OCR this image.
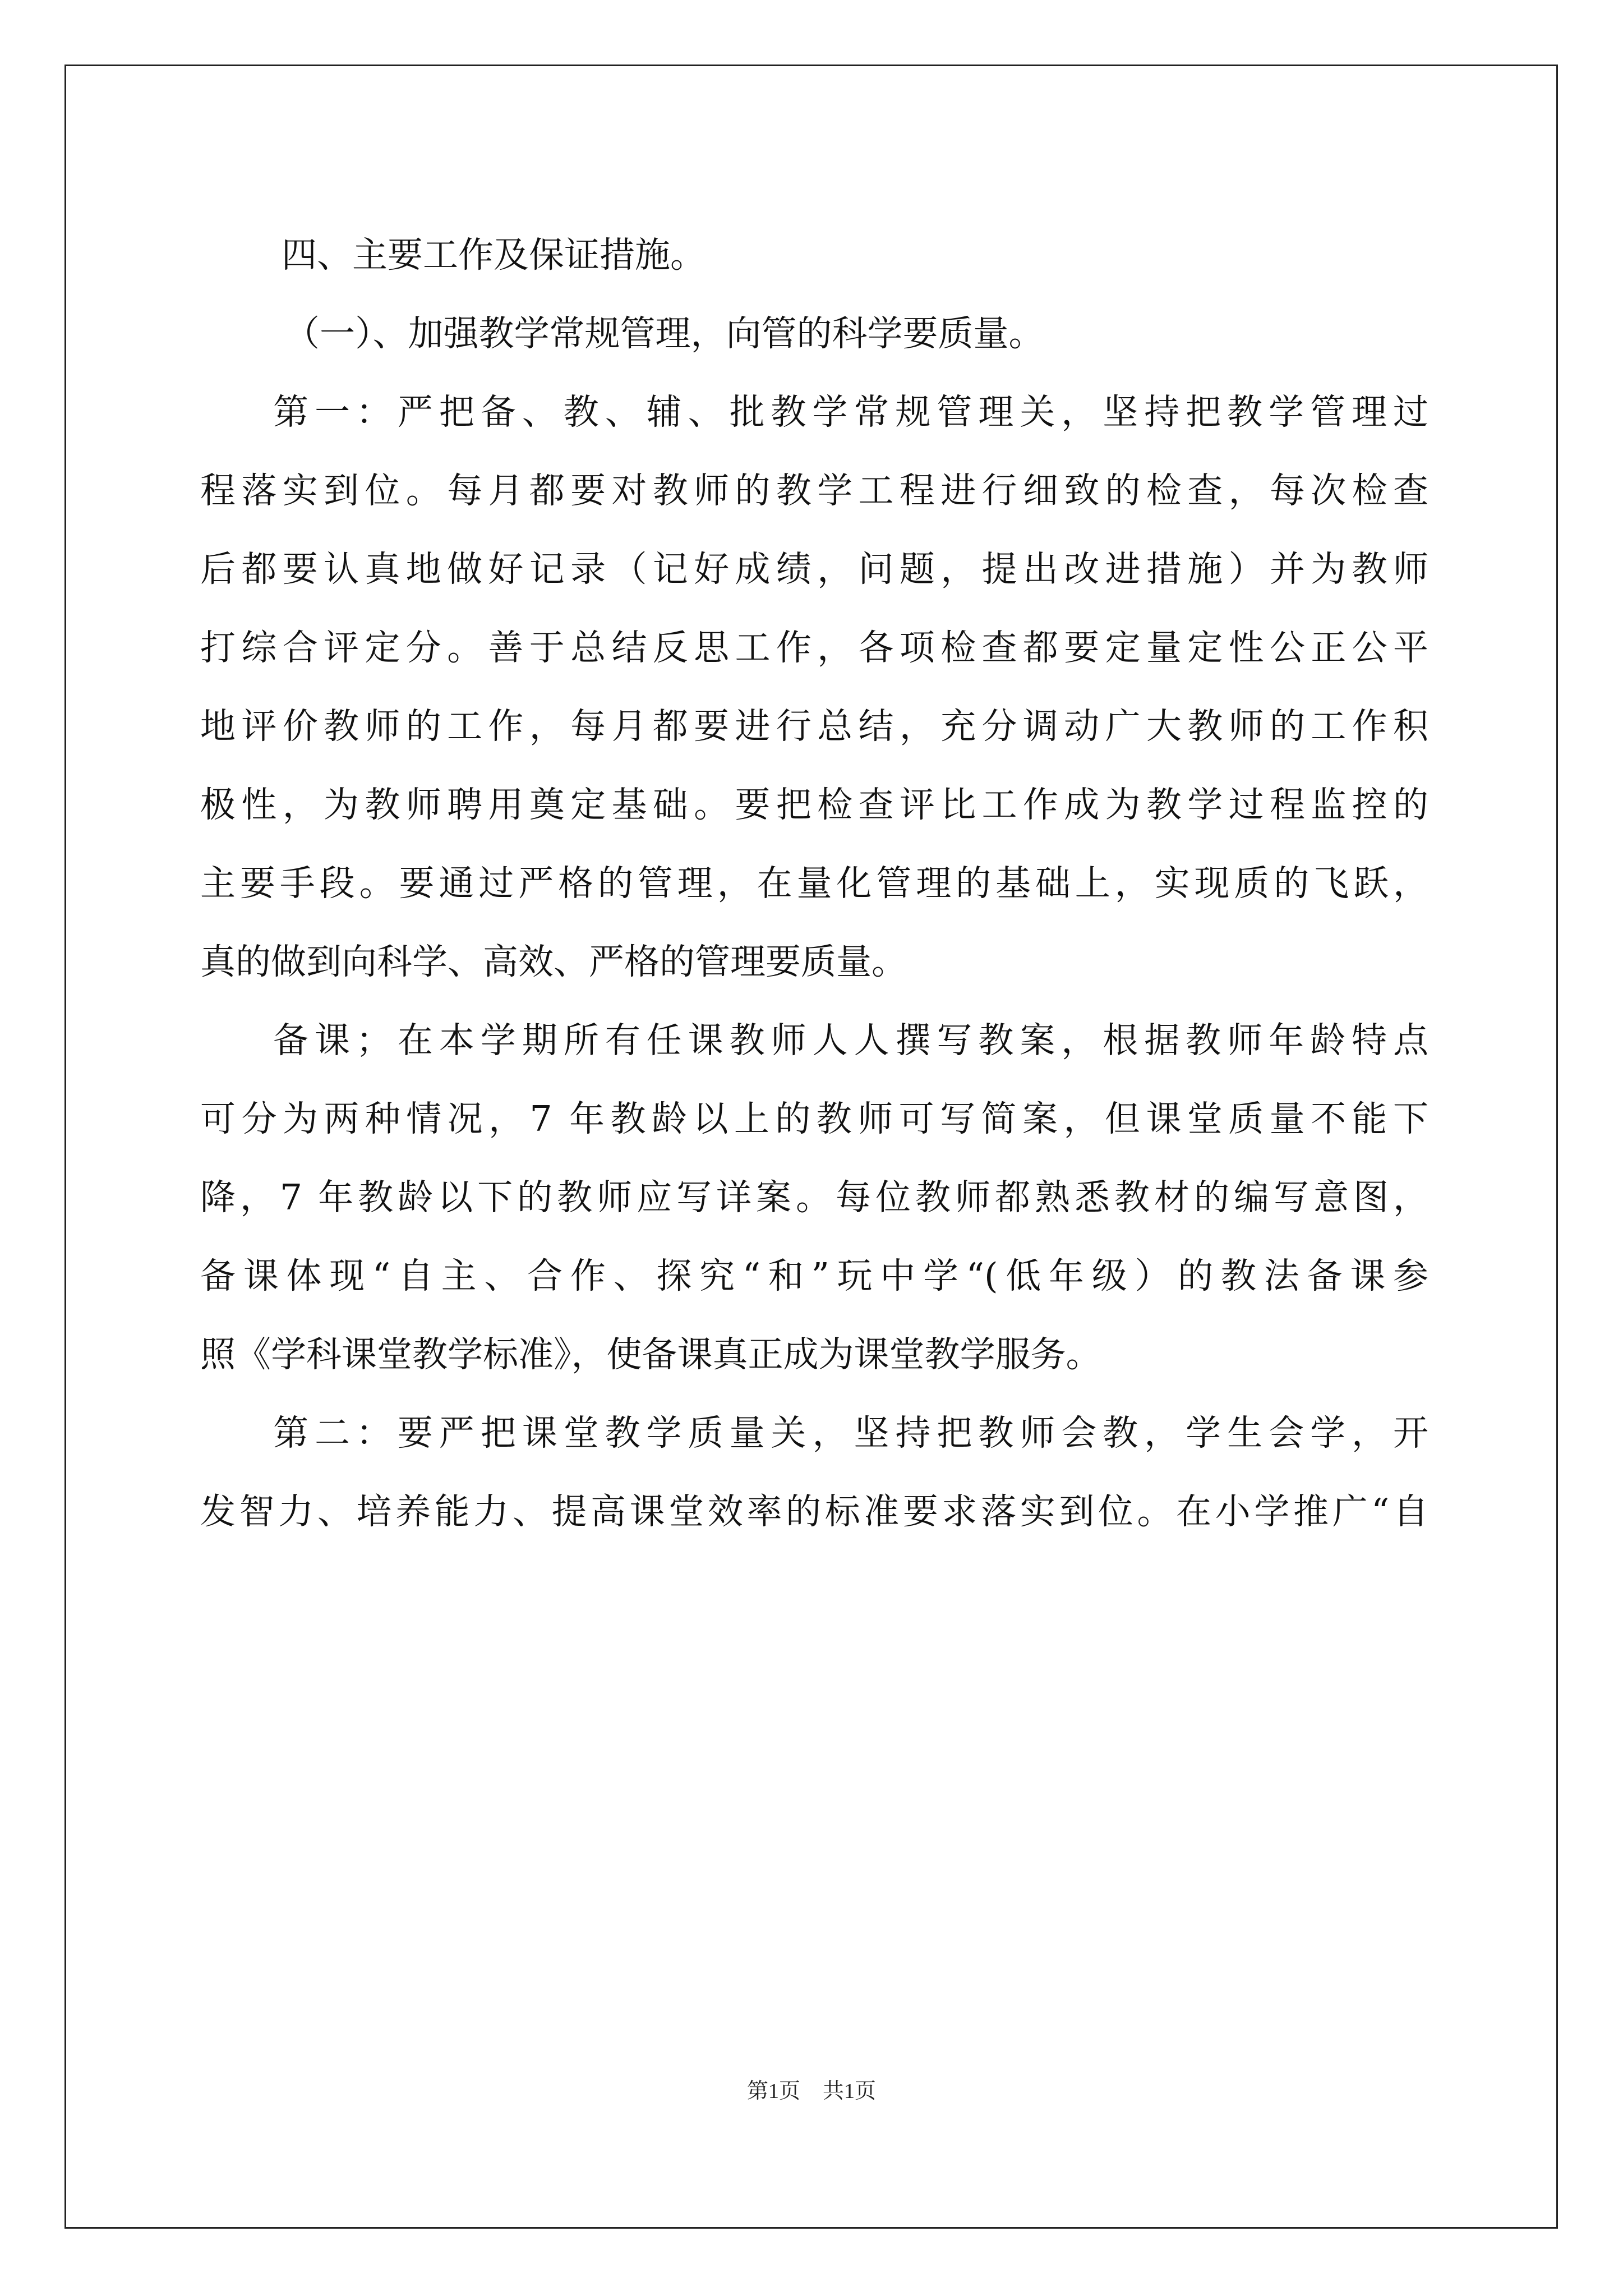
四、主要工作及保证措施。
（一）、加强教学常规管理，向管的科学要质量。
第一：严把备、教、辅、批教学常规管理关，坚持把教学管理过
程落实到位。每月都要对教师的教学工程进行细致的检查，每次检查
后都要认真地做好记录（记好成绩，问题，提出改进措施）并为教师
打综合评定分。善于总结反思工作，各项检查都要定量定性公正公平
地评价教师的工作，每月都要进行总结，充分调动广大教师的工作积
极性，为教师聘用奠定基础。要把检查评比工作成为教学过程监控的
主要手段。要通过严格的管理，在量化管理的基础上，实现质的飞跃，
真的做到向科学、高效、严格的管理要质量。
备课；在本学期所有任课教师人人撰写教案，根据教师年龄特点
可分为两种情况，7 年教龄以上的教师可写简案，但课堂质量不能下
降，7 年教龄以下的教师应写详案。每位教师都熟悉教材的编写意图，
备课体现“自主、合作、探究“和”玩中学“(低年级）的教法备课参
照《学科课堂教学标准》，使备课真正成为课堂教学服务。
第二：要严把课堂教学质量关，坚持把教师会教，学生会学，开
发智力、培养能力、提高课堂效率的标准要求落实到位。在小学推广“自
第1页 共1页
